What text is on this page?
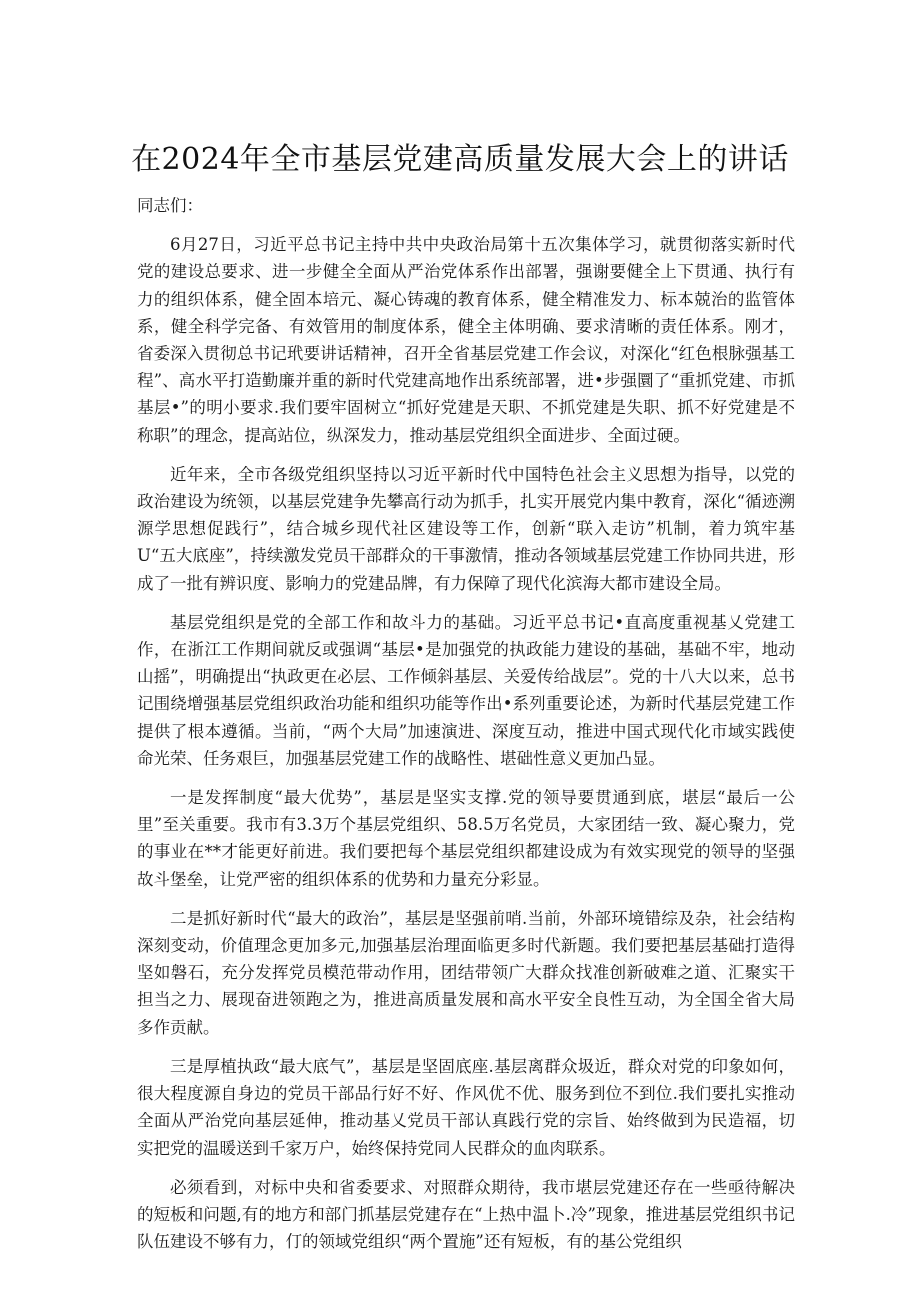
在2024年全市基层党建高质量发展大会上的讲话

同志们：

6月27日，习近平总书记主持中共中央政治局第十五次集体学习，就贯彻落实新时代党的建设总要求、进一步健全全面从严治党体系作出部署，强谢要健全上下贯通、执行有力的组织体系，健全固本培元、凝心铸魂的教育体系，健全精准发力、标本兢治的监管体系，健全科学完备、有效管用的制度体系，健全主体明确、要求清晰的责任体系。刚才，省委深入贯彻总书记玳要讲话精神，召开全省基层党建工作会议，对深化“红色根脉强基工程”、高水平打造勤廉并重的新时代党建高地作出系统部署，进•步强圜了“重抓党建、市抓基层•”的明小要求.我们要牢固树立“抓好党建是天职、不抓党建是失职、抓不好党建是不称职”的理念，提高站位，纵深发力，推动基层党组织全面进步、全面过硬。

近年来，全市各级党组织坚持以习近平新时代中国特色社会主义思想为指导，以党的政治建设为统领，以基层党建争先攀高行动为抓手，扎实开展党内集中教育，深化“循迹溯源学思想促践行”，结合城乡现代社区建设等工作，创新“联入走访”机制，着力筑牢基U“五大底座”，持续激发党员干部群众的干事激情，推动各领域基层党建工作协同共进，形成了一批有辨识度、影响力的党建品牌，有力保障了现代化滨海大都市建设全局。

基层党组织是党的全部工作和故斗力的基础。习近平总书记•直高度重视基乂党建工作，在浙江工作期间就反或强调“基层•是加强党的执政能力建设的基础，基础不牢，地动山摇”，明确提出“执政更在必层、工作倾斜基层、关爱传给战层”。党的十八大以来，总书记围绕增强基层党组织政治功能和组织功能等作出•系列重要论述，为新时代基层党建工作提供了根本遵循。当前，“两个大局”加速演进、深度互动，推进中国式现代化市域实践使命光荣、任务艰巨，加强基层党建工作的战略性、堪础性意义更加凸显。

一是发挥制度“最大优势”，基层是坚实支撑.党的领导要贯通到底，堪层“最后一公里”至关重要。我市有3.3万个基层党组织、58.5万名党员，大家团结一致、凝心聚力，党的事业在**才能更好前进。我们要把每个基层党组织都建设成为有效实现党的领导的坚强故斗堡垒，让党严密的组织体系的优势和力量充分彩显。

二是抓好新时代“最大的政治”，基层是坚强前哨.当前，外部环境错综及杂，社会结构深刻变动，价值理念更加多元,加强基层治理面临更多时代新题。我们要把基层基础打造得坚如磐石，充分发挥党员模范带动作用，团结带领广大群众找准创新破难之道、汇聚实干担当之力、展现奋进领跑之为，推进高质量发展和高水平安全良性互动，为全国全省大局多作贡献。

三是厚植执政“最大底气”，基层是坚固底座.基层离群众圾近，群众对党的印象如何，很大程度源自身边的党员干部品行好不好、作风优不优、服务到位不到位.我们要扎实推动全面从严治党向基层延伸，推动基乂党员干部认真践行党的宗旨、始终做到为民造福，切实把党的温暖送到千家万户，始终保持党同人民群众的血肉联系。

必须看到，对标中央和省委要求、对照群众期待，我市堪层党建还存在一些亟待解决的短板和问题,有的地方和部门抓基层党建存在“上热中温卜.冷”现象，推进基层党组织书记队伍建设不够有力，仃的领域党组织“两个置施”还有短板，有的基公党组织
